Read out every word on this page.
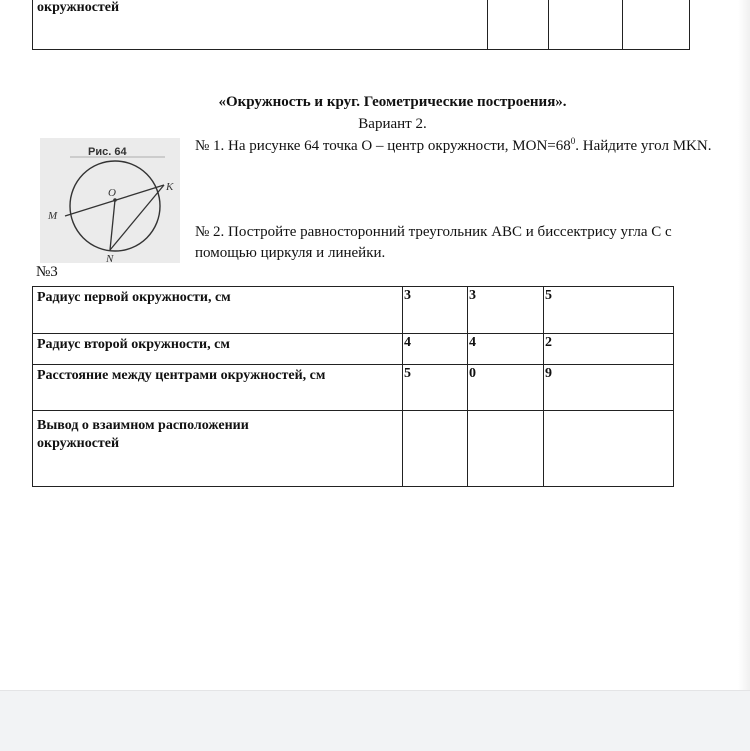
окружностей			
«Окружность и круг. Геометрические построения».
Вариант 2.
Рис. 64
O	K
M
N
№ 1. На рисунке 64 точка O – центр окружности, $MON=68^0$. Найдите угол MKN.
№ 2. Постройте равносторонний треугольник АВС и биссектрису угла С с помощью циркуля и линейки.
№3
Радиус первой окружности, см	3	3	5
Радиус второй окружности, см	4	4	2
Расстояние между центрами окружностей, см	5	0	9

Вывод о взаимном расположении окружностей			
